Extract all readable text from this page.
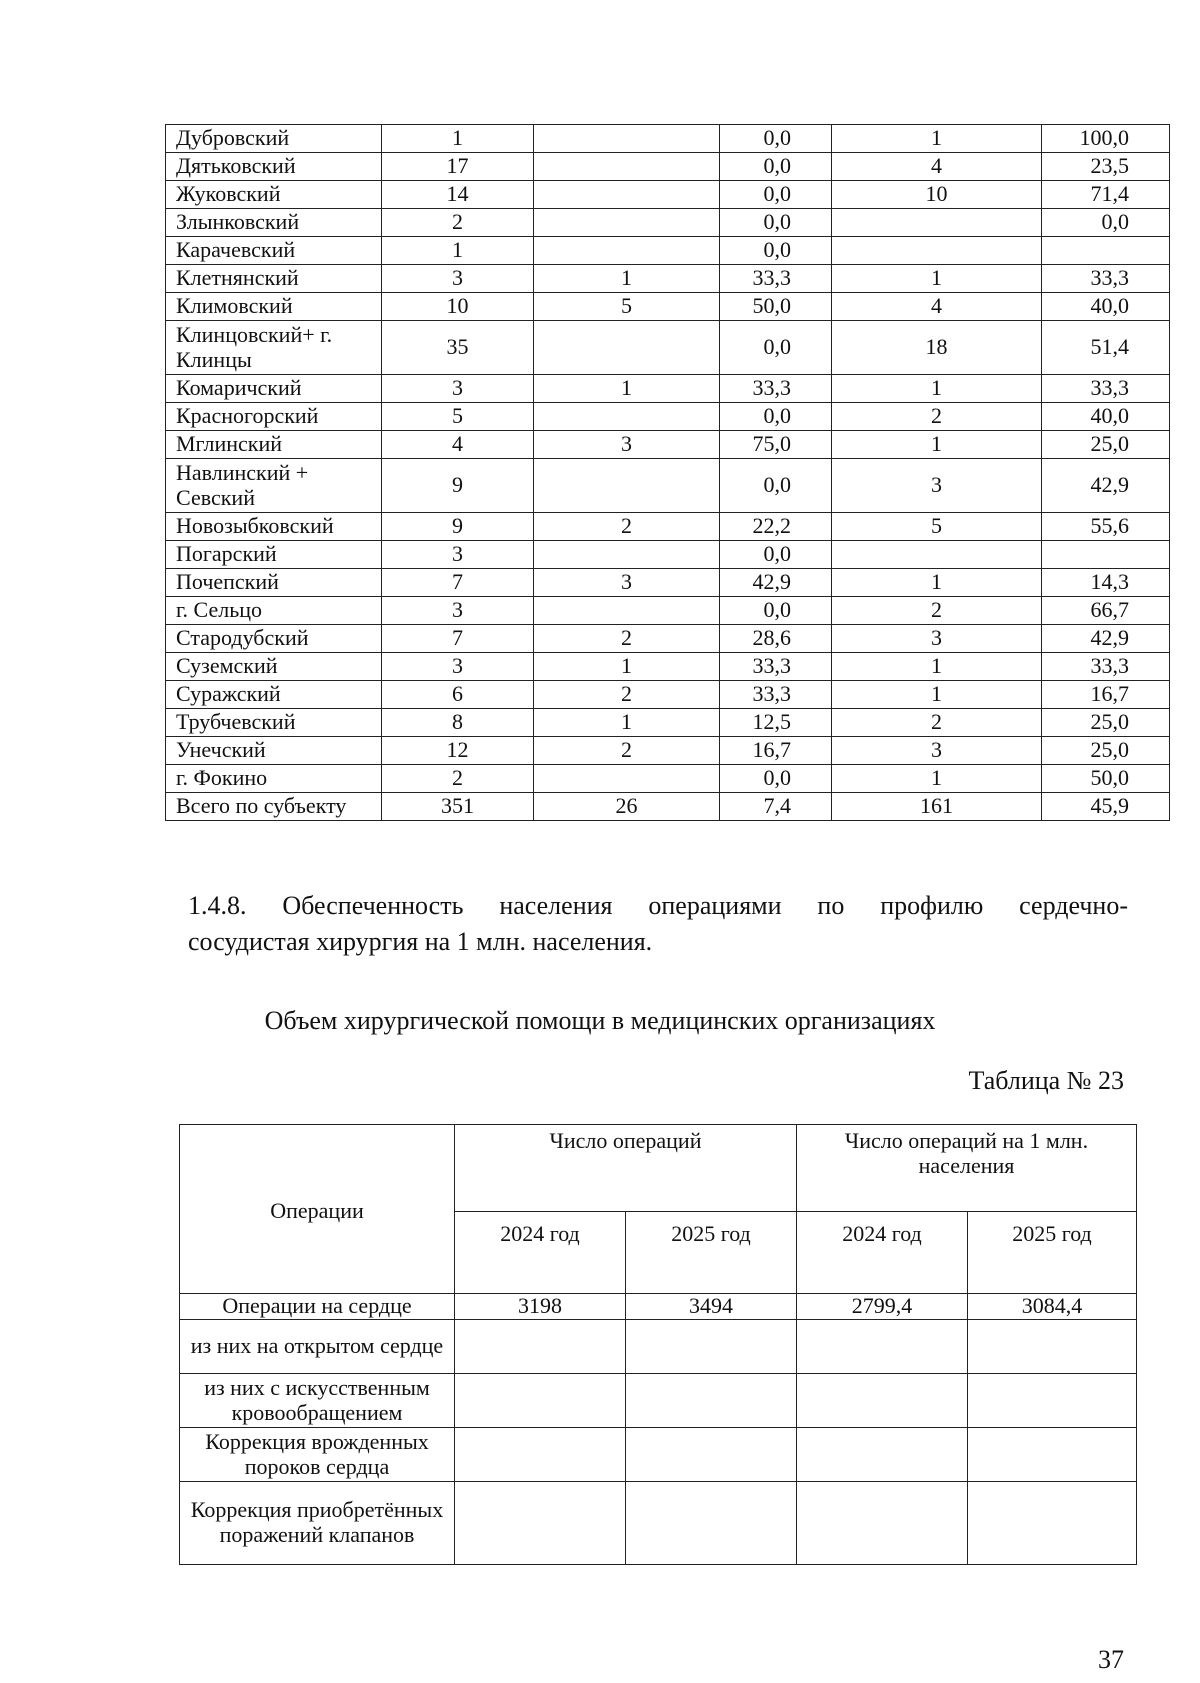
Дубровский	1		0,0	1	100,0
Дятьковский	17		0,0	4	23,5
Жуковский	14		0,0	10	71,4
Злынковский	2		0,0		0,0
Карачевский	1		0,0		
Клетнянский	3	1	33,3	1	33,3
Климовский	10	5	50,0	4	40,0
Клинцовский+ г. Клинцы	35		0,0	18	51,4
Комаричский	3	1	33,3	1	33,3
Красногорский	5		0,0	2	40,0
Мглинский	4	3	75,0	1	25,0
Навлинский + Севский	9		0,0	3	42,9
Новозыбковский	9	2	22,2	5	55,6
Погарский	3		0,0		
Почепский	7	3	42,9	1	14,3
г. Сельцо	3		0,0	2	66,7
Стародубский	7	2	28,6	3	42,9
Суземский	3	1	33,3	1	33,3
Суражский	6	2	33,3	1	16,7
Трубчевский	8	1	12,5	2	25,0
Унечский	12	2	16,7	3	25,0
г. Фокино	2		0,0	1	50,0
Всего по субъекту	351	26	7,4	161	45,9
1.4.8. Обеспеченность населения операциями по профилю сердечно-
сосудистая хирургия на 1 млн. населения.
Объем хирургической помощи в медицинских организациях
Таблица № 23
Операции	Число операций		Число операций на 1 млн. населения	
	2024 год	2025 год	2024 год	2025 год
Операции на сердце	3198	3494	2799,4	3084,4
из них на открытом сердце				
из них с искусственным кровообращением				
Коррекция врожденных пороков сердца				
Коррекция приобретённых поражений клапанов				
37
